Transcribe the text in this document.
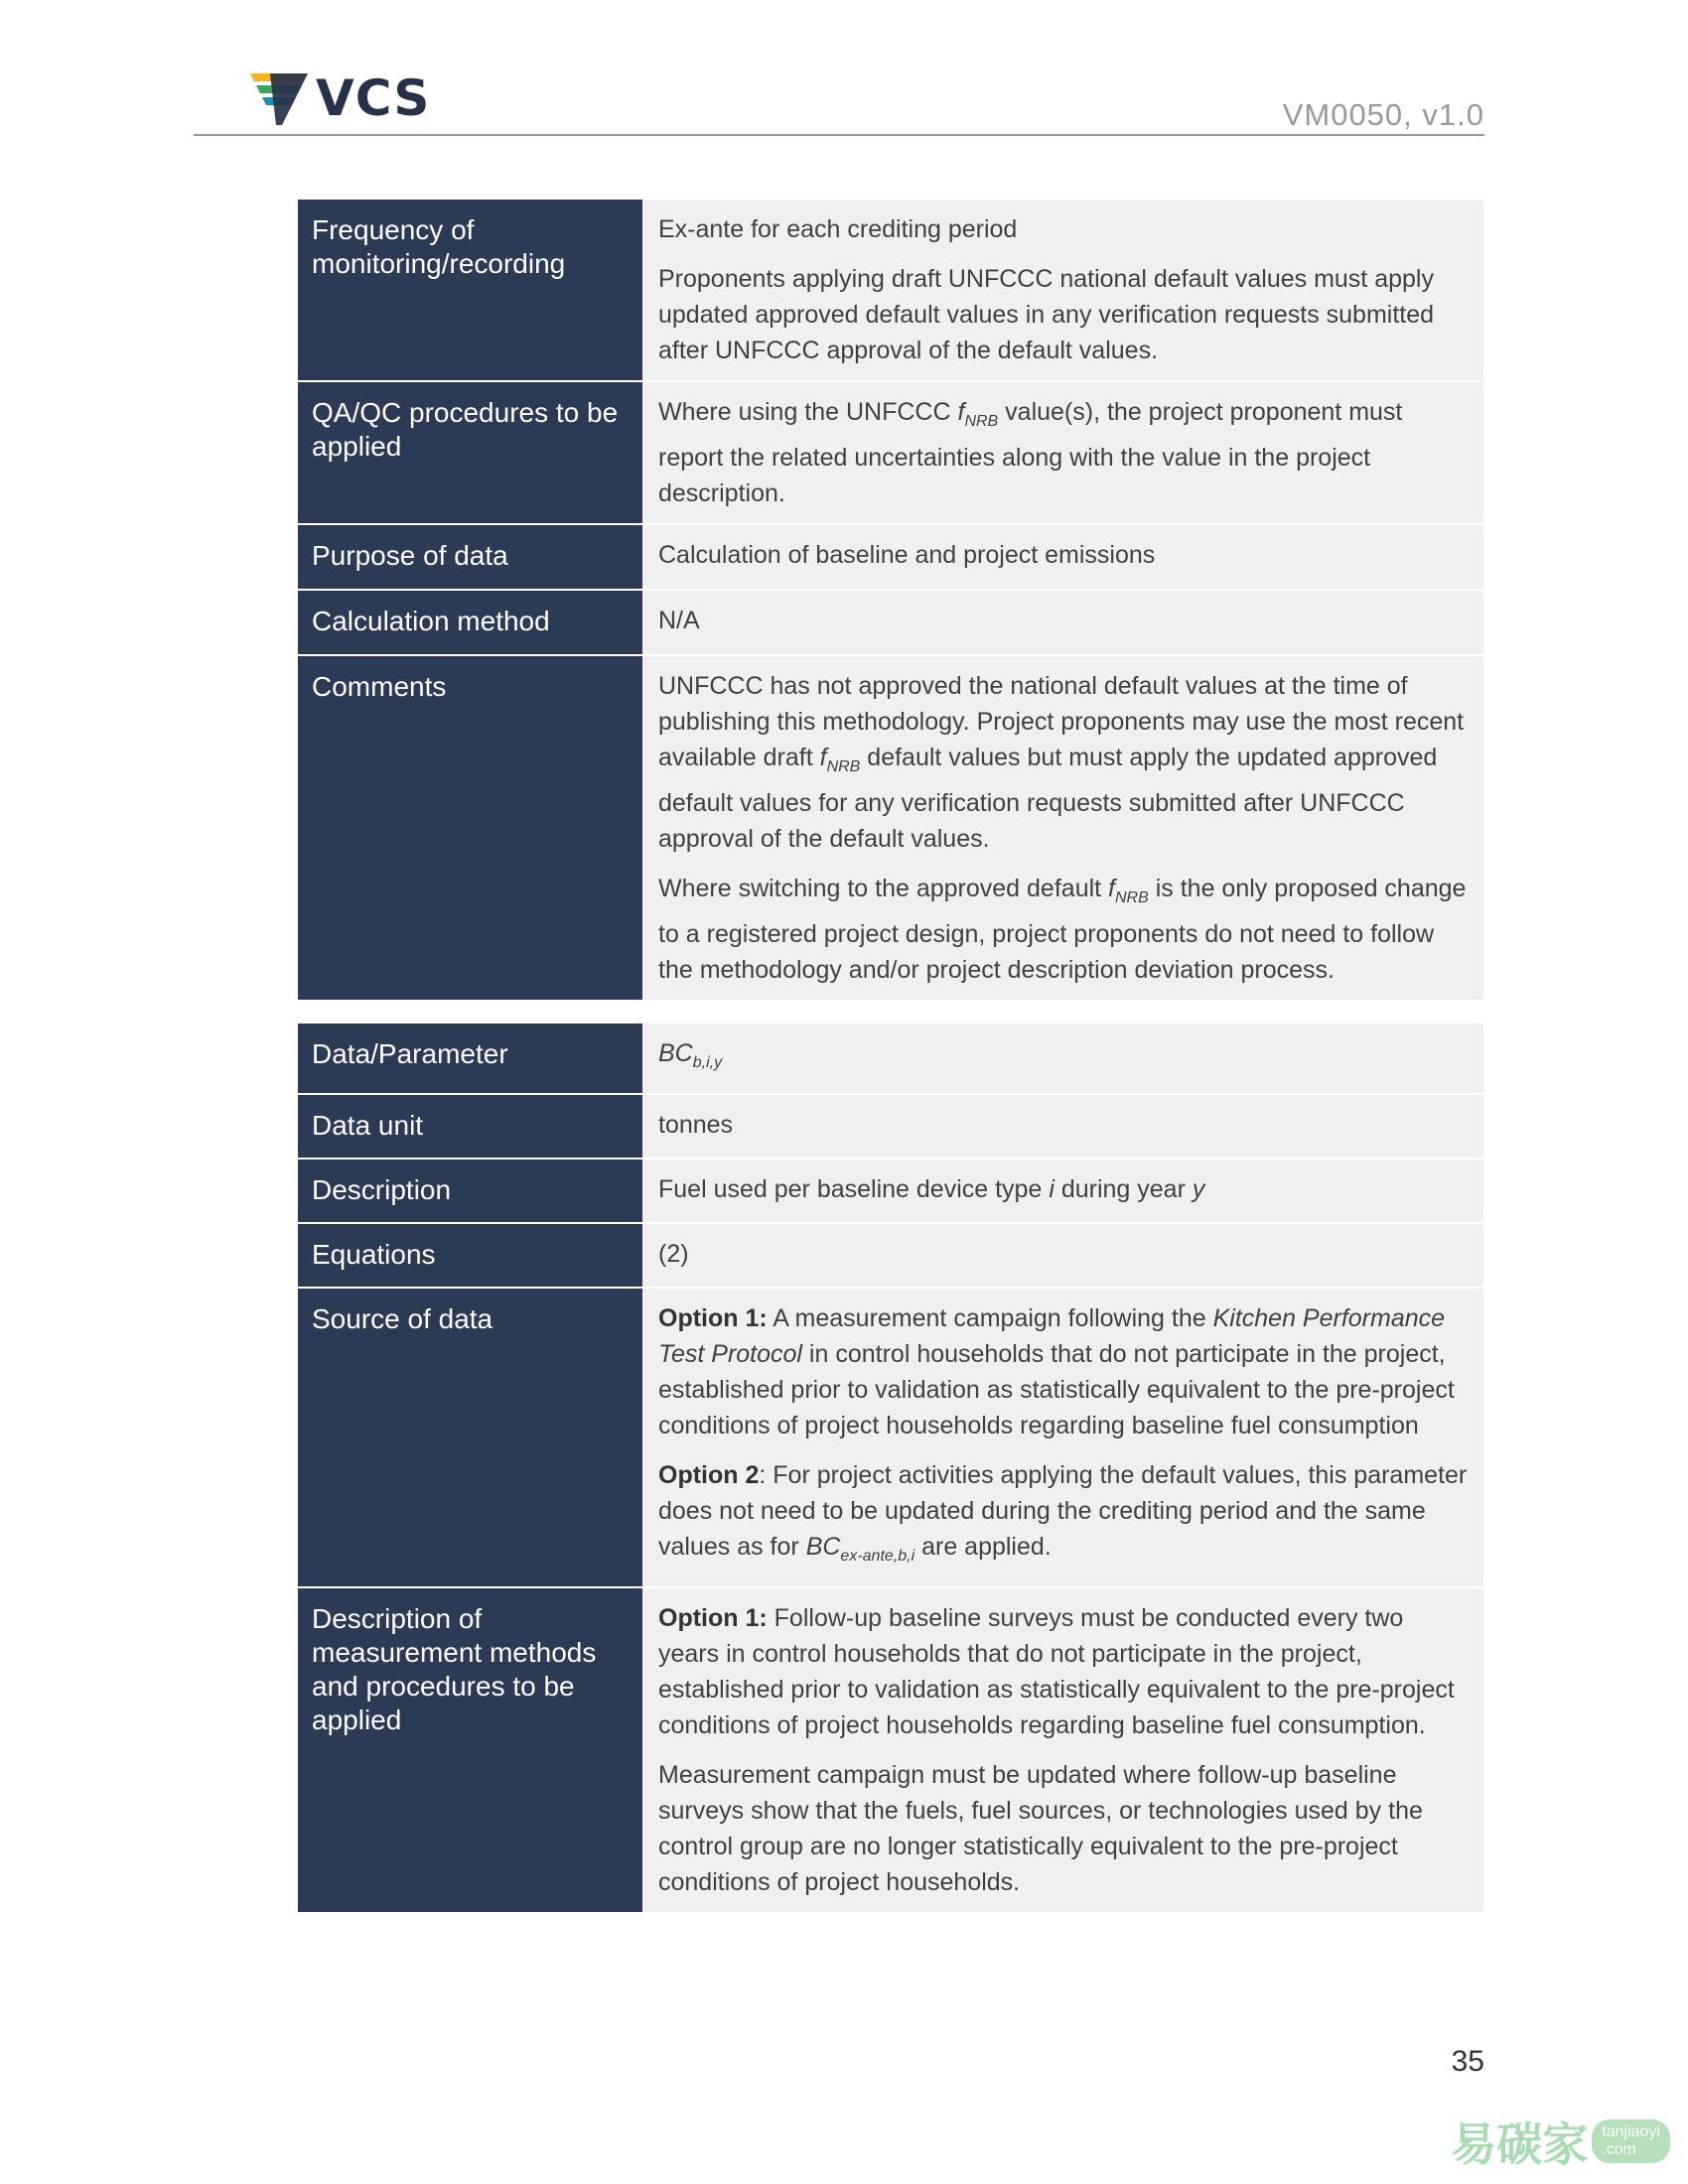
VCS	VM0050, v1.0
Frequency of monitoring/recording	Ex-ante for each crediting period

Proponents applying draft UNFCCC national default values must apply updated approved default values in any verification requests submitted after UNFCCC approval of the default values.

QA/QC procedures to be applied	Where using the UNFCCC $f_{NRB}$ value(s), the project proponent must report the related uncertainties along with the value in the project description.

Purpose of data	Calculation of baseline and project emissions
Calculation method	N/A
Comments	UNFCCC has not approved the national default values at the time of publishing this methodology. Project proponents may use the most recent available draft $f_{NRB}$ default values but must apply the updated approved default values for any verification requests submitted after UNFCCC approval of the default values.

Where switching to the approved default $f_{NRB}$ is the only proposed change to a registered project design, project proponents do not need to follow the methodology and/or project description deviation process.

Data/Parameter	$BC_{b,i,y}$
Data unit	tonnes
Description	Fuel used per baseline device type i during year y
Equations	(2)
Source of data	Option 1: A measurement campaign following the Kitchen Performance Test Protocol in control households that do not participate in the project, established prior to validation as statistically equivalent to the pre-project conditions of project households regarding baseline fuel consumption

Option 2: For project activities applying the default values, this parameter does not need to be updated during the crediting period and the same values as for $BC_{ex-ante,b,i}$ are applied.

Description of measurement methods and procedures to be applied	Option 1: Follow-up baseline surveys must be conducted every two years in control households that do not participate in the project, established prior to validation as statistically equivalent to the pre-project conditions of project households regarding baseline fuel consumption.

Measurement campaign must be updated where follow-up baseline surveys show that the fuels, fuel sources, or technologies used by the control group are no longer statistically equivalent to the pre-project conditions of project households.

35
易碳家 tanjiaoyi
.com
